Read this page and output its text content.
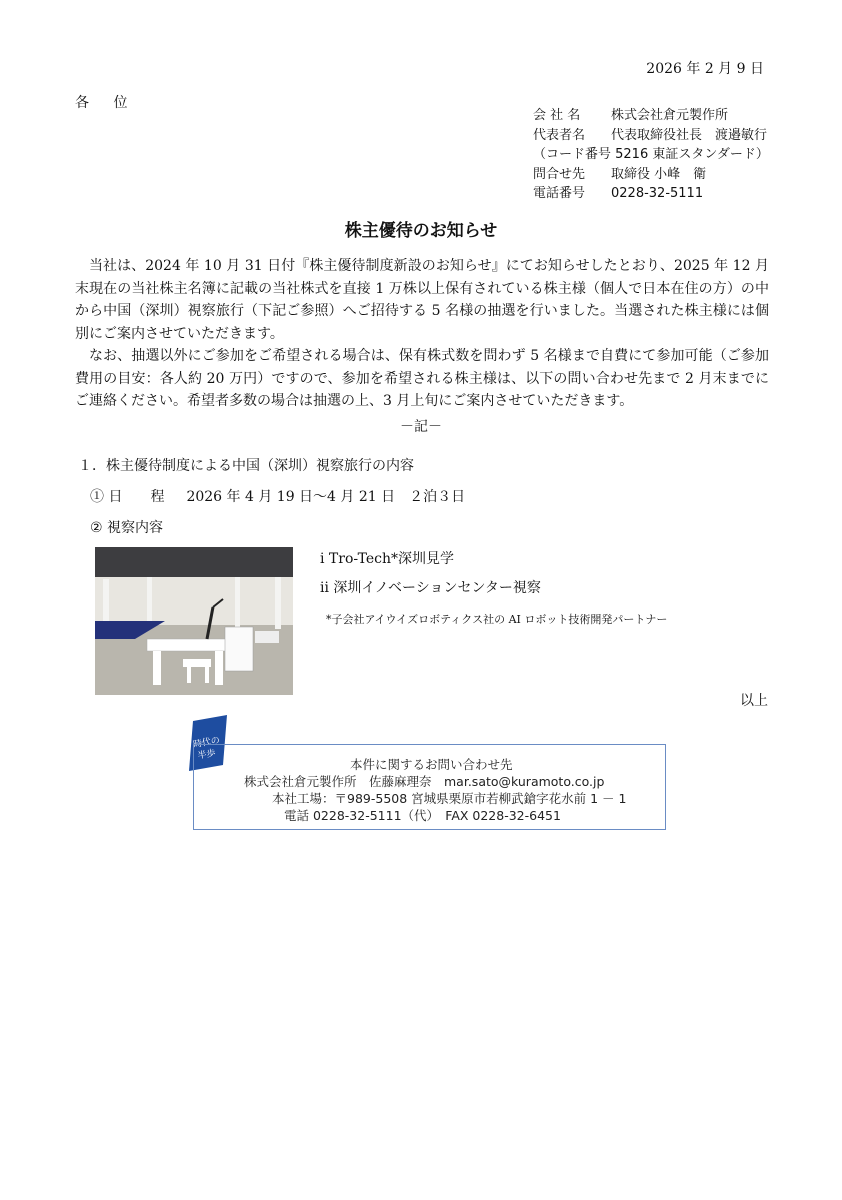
2026 年 2 月 9 日
各 位
会 社 名 株式会社倉元製作所
代表者名 代表取締役社長　渡邉敏行
（コード番号 5216 東証スタンダード）
問合せ先 取締役 小峰　衛
電話番号 0228-32-5111
株主優待のお知らせ

当社は、2024 年 10 月 31 日付『株主優待制度新設のお知らせ』にてお知らせしたとおり、2025 年 12 月末現在の当社株主名簿に記載の当社株式を直接 1 万株以上保有されている株主様（個人で日本在住の方）の中から中国（深圳）視察旅行（下記ご参照）へご招待する 5 名様の抽選を行いました。当選された株主様には個別にご案内させていただきます。

なお、抽選以外にご参加をご希望される場合は、保有株式数を問わず 5 名様まで自費にて参加可能（ご参加費用の目安：各人約 20 万円）ですので、参加を希望される株主様は、以下の問い合わせ先まで 2 月末までにご連絡ください。希望者多数の場合は抽選の上、3 月上旬にご案内させていただきます。

－記－
１．株主優待制度による中国（深圳）視察旅行の内容
① 日　　程 2026 年 4 月 19 日～4 月 21 日　２泊３日
② 視察内容
ⅰ Tro-Tech*深圳見学
ⅱ 深圳イノベーションセンター視察
*子会社アイウイズロボティクス社の AI ロボット技術開発パートナー
以上
時代の
半歩
本件に関するお問い合わせ先
株式会社倉元製作所　佐藤麻理奈　mar.sato@kuramoto.co.jp
本社工場：〒989-5508 宮城県栗原市若柳武鎗字花水前 1 － 1
電話 0228-32-5111（代）　FAX 0228-32-6451
